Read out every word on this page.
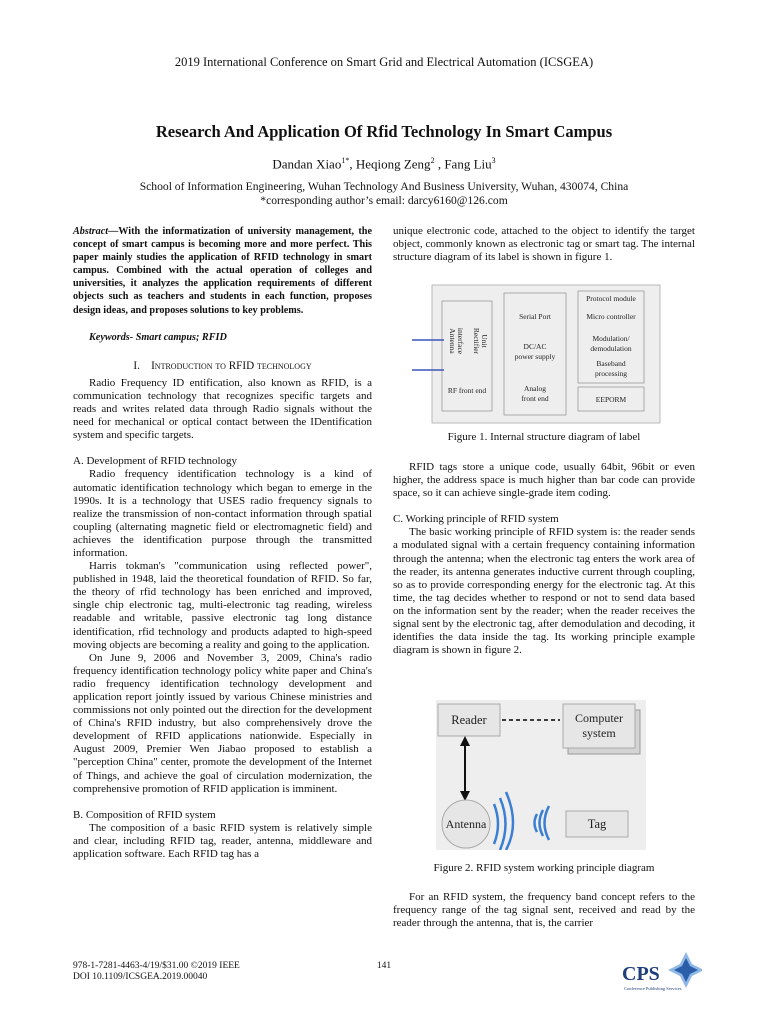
2019 International Conference on Smart Grid and Electrical Automation (ICSGEA)
Research And Application Of Rfid Technology In Smart Campus
Dandan Xiao$^{1*}$, Heqiong Zeng$^2$ , Fang Liu$^3$
School of Information Engineering, Wuhan Technology And Business University, Wuhan, 430074, China
*corresponding author’s email: darcy6160@126.com

Abstract—With the informatization of university management, the concept of smart campus is becoming more and more perfect. This paper mainly studies the application of RFID technology in smart campus. Combined with the actual operation of colleges and universities, it analyzes the application requirements of different objects such as teachers and students in each function, proposes design ideas, and proposes solutions to key problems.

Keywords- Smart campus; RFID

I. Introduction to RFID technology

Radio Frequency ID entification, also known as RFID, is a communication technology that recognizes specific targets and reads and writes related data through Radio signals without the need for mechanical or optical contact between the IDentification system and specific targets.

A. Development of RFID technology

Radio frequency identification technology is a kind of automatic identification technology which began to emerge in the 1990s. It is a technology that USES radio frequency signals to realize the transmission of non-contact information through spatial coupling (alternating magnetic field or electromagnetic field) and achieves the identification purpose through the transmitted information.

Harris tokman's "communication using reflected power", published in 1948, laid the theoretical foundation of RFID. So far, the theory of rfid technology has been enriched and improved, single chip electronic tag, multi-electronic tag reading, wireless readable and writable, passive electronic tag long distance identification, rfid technology and products adapted to high-speed moving objects are becoming a reality and going to the application.

On June 9, 2006 and November 3, 2009, China's radio frequency identification technology policy white paper and China's radio frequency identification technology development and application report jointly issued by various Chinese ministries and commissions not only pointed out the direction for the development of China's RFID industry, but also comprehensively drove the development of RFID applications nationwide. Especially in August 2009, Premier Wen Jiabao proposed to establish a "perception China" center, promote the development of the Internet of Things, and achieve the goal of circulation modernization, the comprehensive promotion of RFID application is imminent.

B. Composition of RFID system

The composition of a basic RFID system is relatively simple and clear, including RFID tag, reader, antenna, middleware and application software. Each RFID tag has a

unique electronic code, attached to the object to identify the target object, commonly known as electronic tag or smart tag. The internal structure diagram of its label is shown in figure 1.

Antenna interface Rectifier Unit
RF front end
Serial Port
DC/AC
power supply
Analog
front end
Protocol module
Micro controller
Modulation/
demodulation
Baseband
processing
EEPORM
Figure 1. Internal structure diagram of label

RFID tags store a unique code, usually 64bit, 96bit or even higher, the address space is much higher than bar code can provide space, so it can achieve single-grade item coding.

C. Working principle of RFID system

The basic working principle of RFID system is: the reader sends a modulated signal with a certain frequency containing information through the antenna; when the electronic tag enters the work area of the reader, its antenna generates inductive current through coupling, so as to provide corresponding energy for the electronic tag. At this time, the tag decides whether to respond or not to send data based on the information sent by the reader; when the reader receives the signal sent by the electronic tag, after demodulation and decoding, it identifies the data inside the tag. Its working principle example diagram is shown in figure 2.

Reader	Computer
system
Antenna	Tag
Figure 2. RFID system working principle diagram

For an RFID system, the frequency band concept refers to the frequency range of the tag signal sent, received and read by the reader through the antenna, that is, the carrier

978-1-7281-4463-4/19/$31.00 ©2019 IEEE
DOI 10.1109/ICSGEA.2019.00040
141	CPS
Conference Publishing Services
